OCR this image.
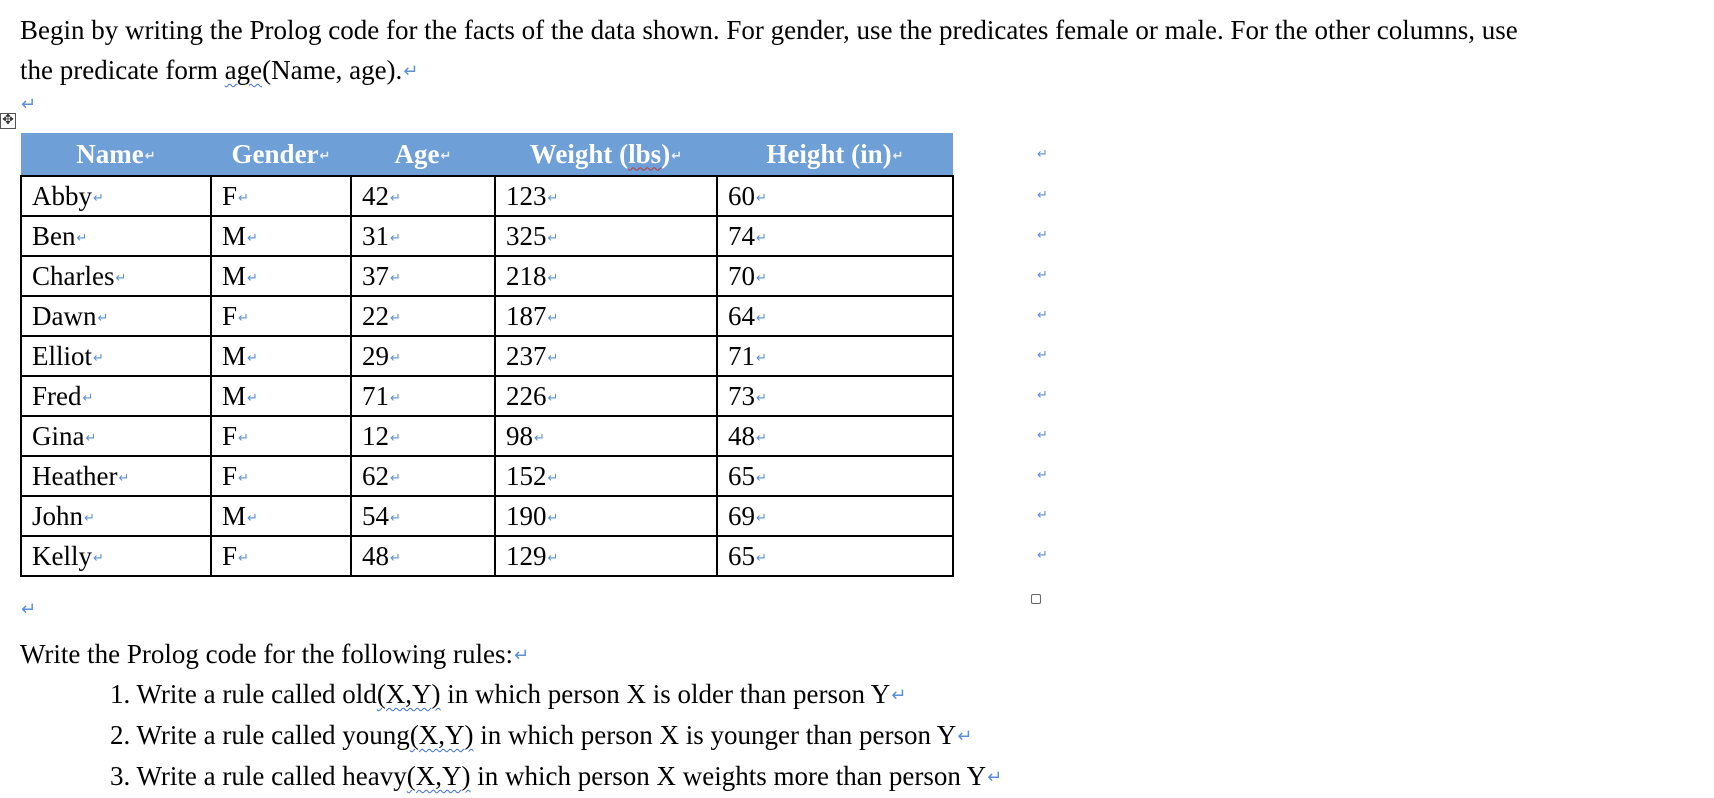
Begin by writing the Prolog code for the facts of the data shown. For gender, use the predicates female or male. For the other columns, use
the predicate form age(Name, age).↵
✥
↵
Name↵	Gender↵	Age↵	Weight (lbs)↵	Height (in)↵
Abby↵	F↵	42↵	123↵	60↵
Ben↵	M↵	31↵	325↵	74↵
Charles↵	M↵	37↵	218↵	70↵
Dawn↵	F↵	22↵	187↵	64↵
Elliot↵	M↵	29↵	237↵	71↵
Fred↵	M↵	71↵	226↵	73↵
Gina↵	F↵	12↵	98↵	48↵
Heather↵	F↵	62↵	152↵	65↵
John↵	M↵	54↵	190↵	69↵
Kelly↵	F↵	48↵	129↵	65↵
↵
↵
↵
↵
↵
↵
↵
↵
↵
↵
↵
↵
Write the Prolog code for the following rules:↵
1. Write a rule called old(X,Y) in which person X is older than person Y↵
2. Write a rule called young(X,Y) in which person X is younger than person Y↵
3. Write a rule called heavy(X,Y) in which person X weights more than person Y↵
